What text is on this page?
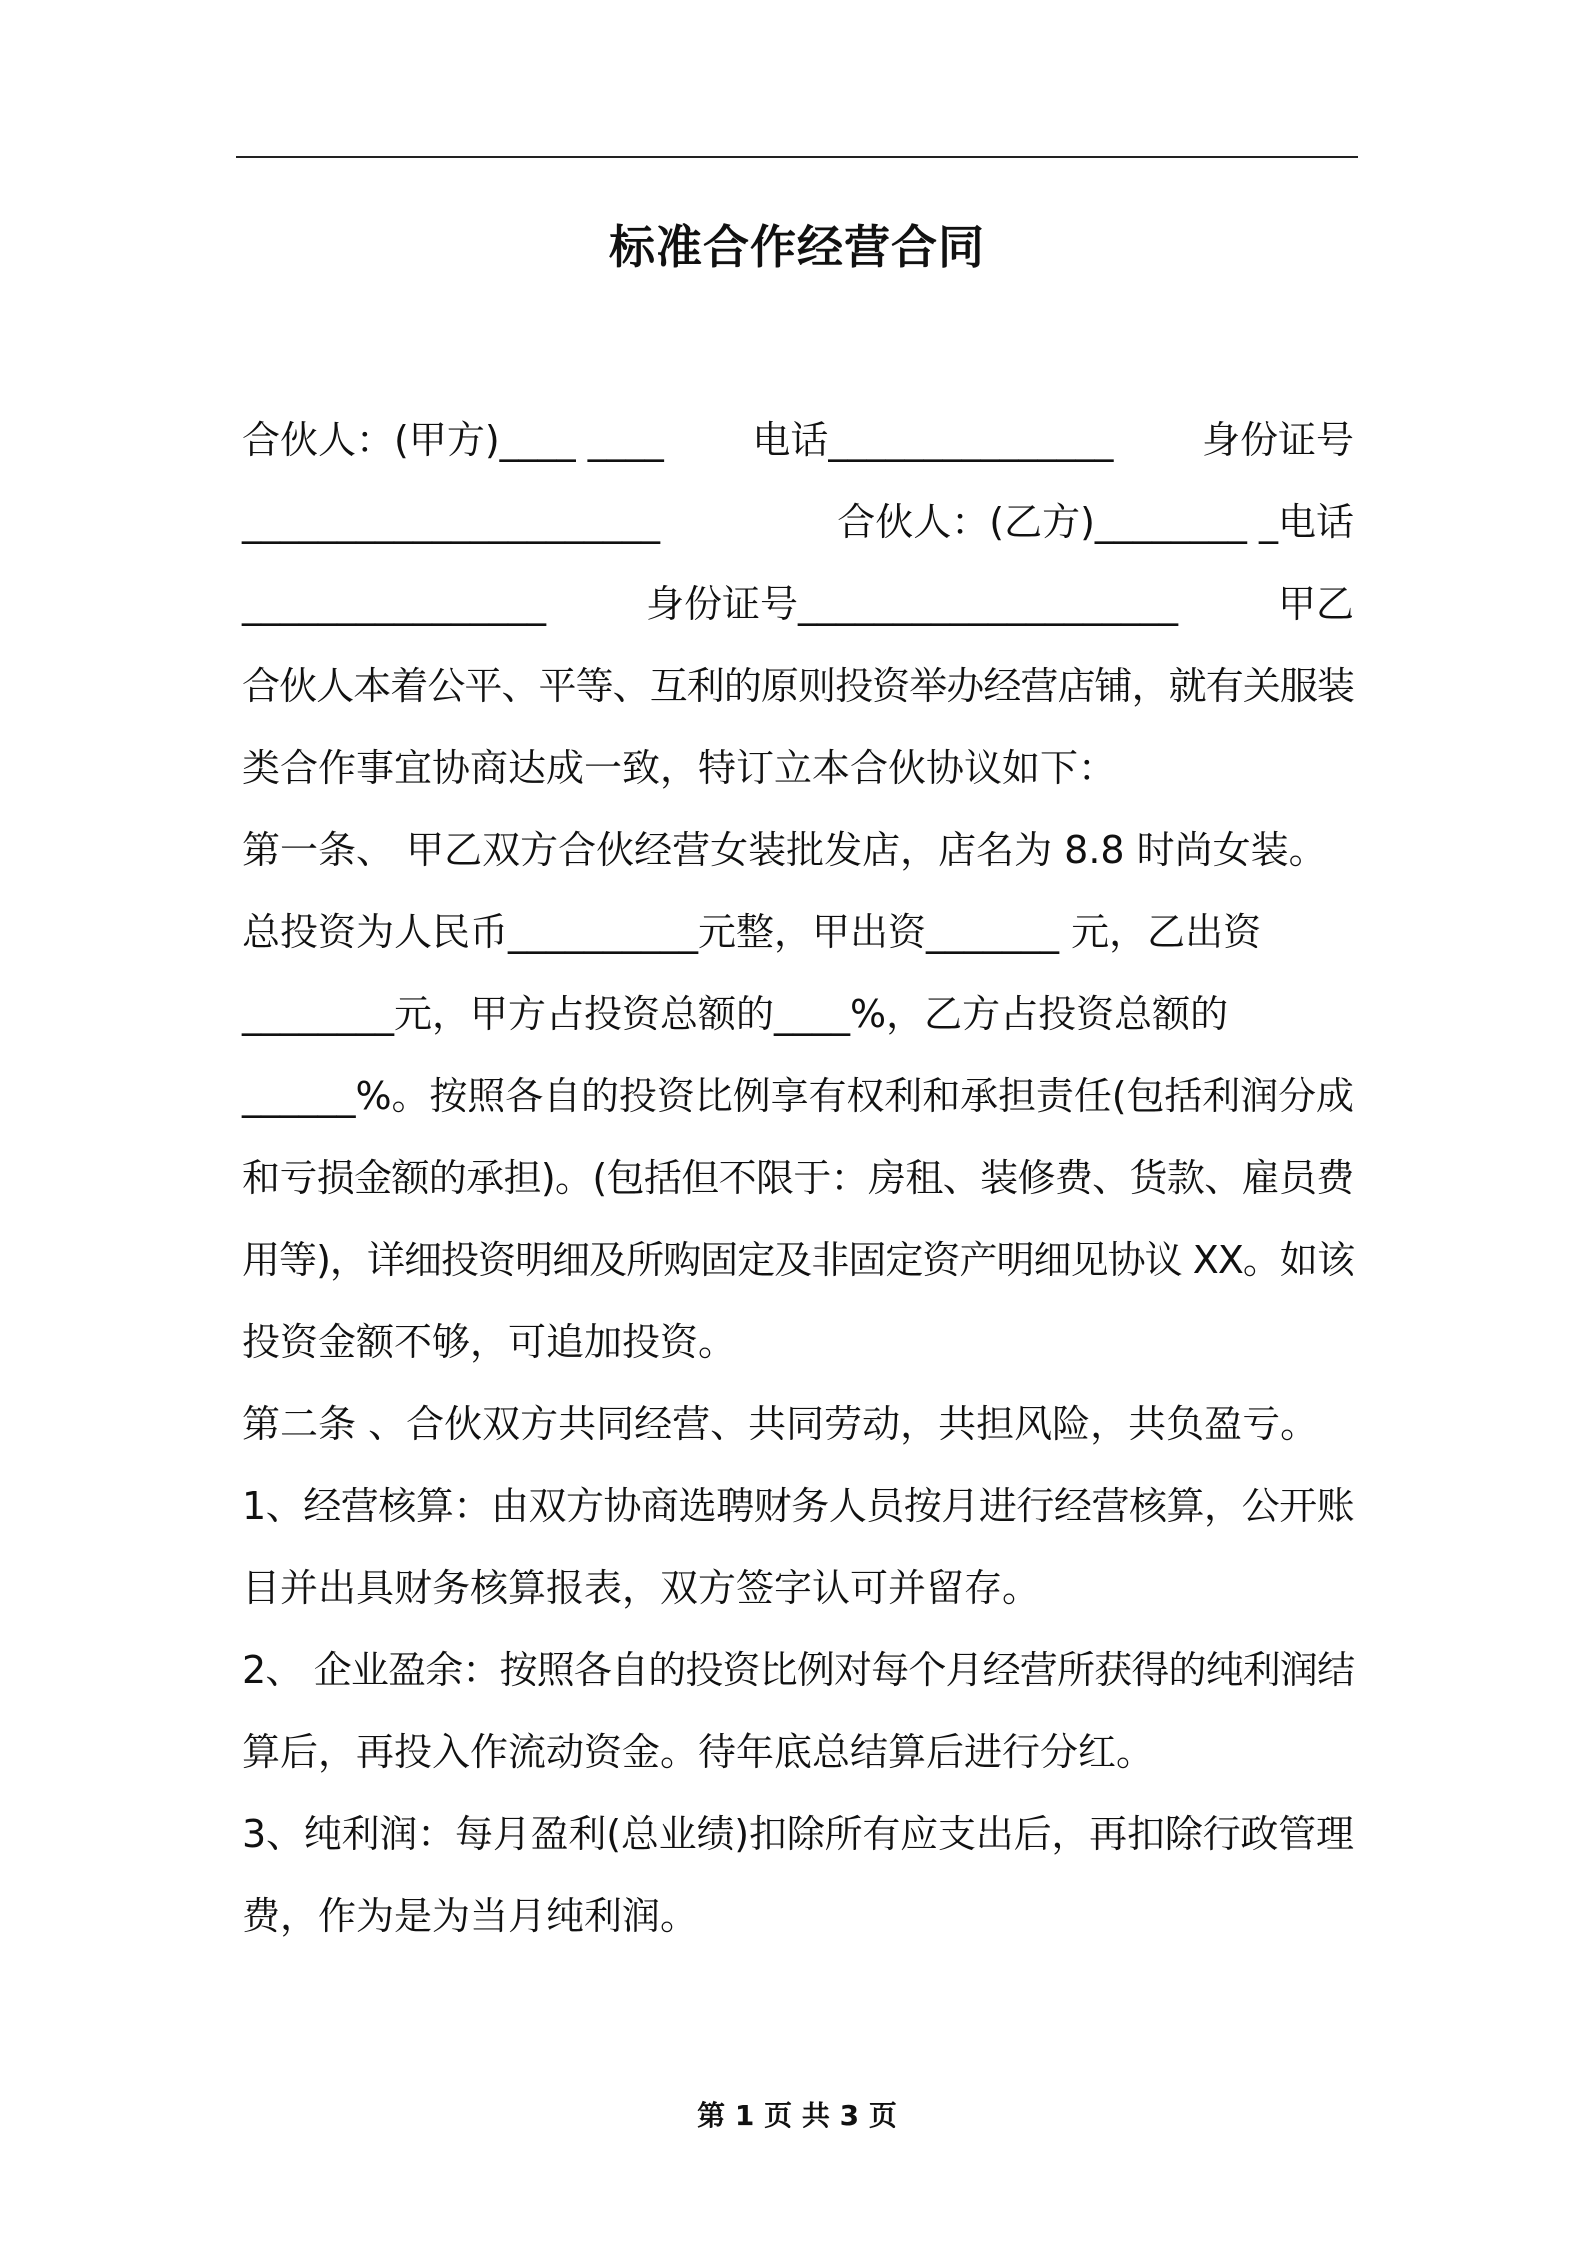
标准合作经营合同

合伙人：(甲方)____ ____ 电话_______________ 身份证号

______________________	合伙人：(乙方)________ _电话

________________	身份证号____________________	甲乙

合伙人本着公平、平等、互利的原则投资举办经营店铺，就有关服装

类合作事宜协商达成一致，特订立本合伙协议如下：

第一条、 甲乙双方合伙经营女装批发店，店名为 8.8 时尚女装。

总投资为人民币__________元整，甲出资_______ 元，乙出资

________元，甲方占投资总额的____%，乙方占投资总额的

______%。按照各自的投资比例享有权利和承担责任(包括利润分成

和亏损金额的承担)。(包括但不限于：房租、装修费、货款、雇员费

用等)，详细投资明细及所购固定及非固定资产明细见协议 XX。如该

投资金额不够，可追加投资。

第二条 、合伙双方共同经营、共同劳动，共担风险，共负盈亏。

1、经营核算：由双方协商选聘财务人员按月进行经营核算，公开账

目并出具财务核算报表，双方签字认可并留存。

2、 企业盈余：按照各自的投资比例对每个月经营所获得的纯利润结

算后，再投入作流动资金。待年底总结算后进行分红。

3、纯利润：每月盈利(总业绩)扣除所有应支出后，再扣除行政管理

费，作为是为当月纯利润。

第 1 页 共 3 页
